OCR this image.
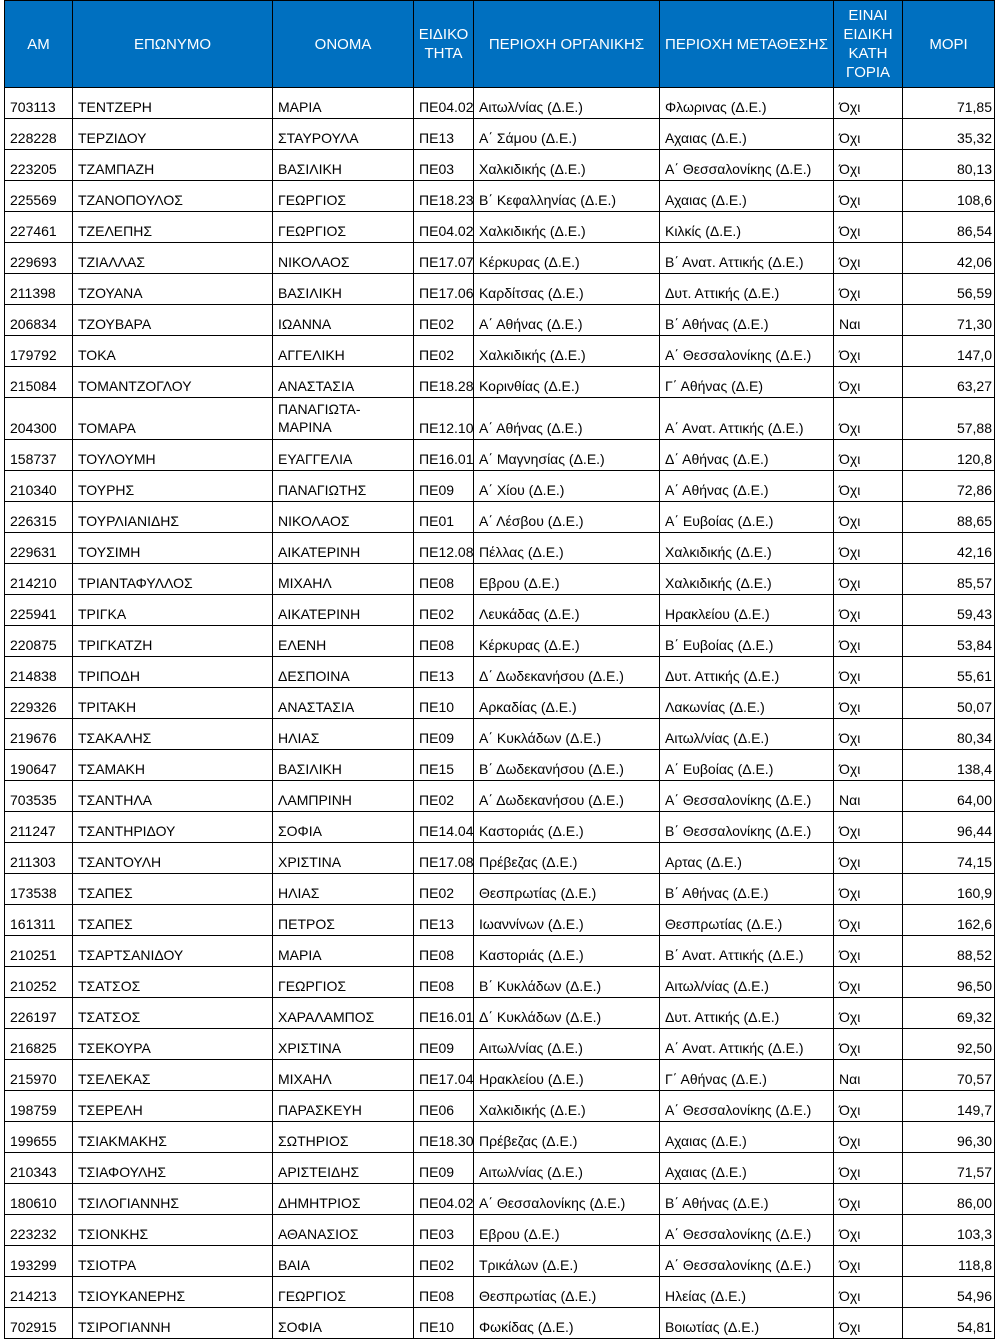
ΑΜ	ΕΠΩΝΥΜΟ	ΟΝΟΜΑ	ΕΙΔΙΚΟ ΤΗΤΑ	ΠΕΡΙΟΧΗ ΟΡΓΑΝΙΚΗΣ	ΠΕΡΙΟΧΗ ΜΕΤΑΘΕΣΗΣ	ΕΙΝΑΙ ΕΙΔΙΚΗ ΚΑΤΗ ΓΟΡΙΑ	ΜΟΡΙ
703113	ΤΕΝΤΖΕΡΗ	ΜΑΡΙΑ	ΠΕ04.02	Αιτωλ/νίας (Δ.Ε.)	Φλωρινας (Δ.Ε.)	Όχι	71,85
228228	ΤΕΡΖΙΔΟΥ	ΣΤΑΥΡΟΥΛΑ	ΠΕ13	Α΄ Σάμου (Δ.Ε.)	Αχαιας (Δ.Ε.)	Όχι	35,32
223205	ΤΖΑΜΠΑΖΗ	ΒΑΣΙΛΙΚΗ	ΠΕ03	Χαλκιδικής (Δ.Ε.)	Α΄ Θεσσαλονίκης (Δ.Ε.)	Όχι	80,13
225569	ΤΖΑΝΟΠΟΥΛΟΣ	ΓΕΩΡΓΙΟΣ	ΠΕ18.23	Β΄ Κεφαλληνίας (Δ.Ε.)	Αχαιας (Δ.Ε.)	Όχι	108,6
227461	ΤΖΕΛΕΠΗΣ	ΓΕΩΡΓΙΟΣ	ΠΕ04.02	Χαλκιδικής (Δ.Ε.)	Κιλκίς (Δ.Ε.)	Όχι	86,54
229693	ΤΖΙΑΛΛΑΣ	ΝΙΚΟΛΑΟΣ	ΠΕ17.07	Κέρκυρας (Δ.Ε.)	Β΄ Ανατ. Αττικής (Δ.Ε.)	Όχι	42,06
211398	ΤΖΟΥΑΝΑ	ΒΑΣΙΛΙΚΗ	ΠΕ17.06	Καρδίτσας (Δ.Ε.)	Δυτ. Αττικής (Δ.Ε.)	Όχι	56,59
206834	ΤΖΟΥΒΑΡΑ	ΙΩΑΝΝΑ	ΠΕ02	Α΄ Αθήνας (Δ.Ε.)	Β΄ Αθήνας (Δ.Ε.)	Ναι	71,30
179792	ΤΟΚΑ	ΑΓΓΕΛΙΚΗ	ΠΕ02	Χαλκιδικής (Δ.Ε.)	Α΄ Θεσσαλονίκης (Δ.Ε.)	Όχι	147,0
215084	ΤΟΜΑΝΤΖΟΓΛΟΥ	ΑΝΑΣΤΑΣΙΑ	ΠΕ18.28	Κορινθίας (Δ.Ε.)	Γ΄ Αθήνας (Δ.Ε)	Όχι	63,27
204300	ΤΟΜΑΡΑ	ΠΑΝΑΓΙΩΤΑ-ΜΑΡΙΝΑ	ΠΕ12.10	Α΄ Αθήνας (Δ.Ε.)	Α΄ Ανατ. Αττικής (Δ.Ε.)	Όχι	57,88
158737	ΤΟΥΛΟΥΜΗ	ΕΥΑΓΓΕΛΙΑ	ΠΕ16.01	Α΄ Μαγνησίας (Δ.Ε.)	Δ΄ Αθήνας (Δ.Ε.)	Όχι	120,8
210340	ΤΟΥΡΗΣ	ΠΑΝΑΓΙΩΤΗΣ	ΠΕ09	Α΄ Χίου (Δ.Ε.)	Α΄ Αθήνας (Δ.Ε.)	Όχι	72,86
226315	ΤΟΥΡΛΙΑΝΙΔΗΣ	ΝΙΚΟΛΑΟΣ	ΠΕ01	Α΄ Λέσβου (Δ.Ε.)	Α΄ Ευβοίας (Δ.Ε.)	Όχι	88,65
229631	ΤΟΥΣΙΜΗ	ΑΙΚΑΤΕΡΙΝΗ	ΠΕ12.08	Πέλλας (Δ.Ε.)	Χαλκιδικής (Δ.Ε.)	Όχι	42,16
214210	ΤΡΙΑΝΤΑΦΥΛΛΟΣ	ΜΙΧΑΗΛ	ΠΕ08	Εβρου (Δ.Ε.)	Χαλκιδικής (Δ.Ε.)	Όχι	85,57
225941	ΤΡΙΓΚΑ	ΑΙΚΑΤΕΡΙΝΗ	ΠΕ02	Λευκάδας (Δ.Ε.)	Ηρακλείου (Δ.Ε.)	Όχι	59,43
220875	ΤΡΙΓΚΑΤΖΗ	ΕΛΕΝΗ	ΠΕ08	Κέρκυρας (Δ.Ε.)	Β΄ Ευβοίας (Δ.Ε.)	Όχι	53,84
214838	ΤΡΙΠΟΔΗ	ΔΕΣΠΟΙΝΑ	ΠΕ13	Δ΄ Δωδεκανήσου (Δ.Ε.)	Δυτ. Αττικής (Δ.Ε.)	Όχι	55,61
229326	ΤΡΙΤΑΚΗ	ΑΝΑΣΤΑΣΙΑ	ΠΕ10	Αρκαδίας (Δ.Ε.)	Λακωνίας (Δ.Ε.)	Όχι	50,07
219676	ΤΣΑΚΑΛΗΣ	ΗΛΙΑΣ	ΠΕ09	Α΄ Κυκλάδων (Δ.Ε.)	Αιτωλ/νίας (Δ.Ε.)	Όχι	80,34
190647	ΤΣΑΜΑΚΗ	ΒΑΣΙΛΙΚΗ	ΠΕ15	Β΄ Δωδεκανήσου (Δ.Ε.)	Α΄ Ευβοίας (Δ.Ε.)	Όχι	138,4
703535	ΤΣΑΝΤΗΛΑ	ΛΑΜΠΡΙΝΗ	ΠΕ02	Α΄ Δωδεκανήσου (Δ.Ε.)	Α΄ Θεσσαλονίκης (Δ.Ε.)	Ναι	64,00
211247	ΤΣΑΝΤΗΡΙΔΟΥ	ΣΟΦΙΑ	ΠΕ14.04	Καστοριάς (Δ.Ε.)	Β΄ Θεσσαλονίκης (Δ.Ε.)	Όχι	96,44
211303	ΤΣΑΝΤΟΥΛΗ	ΧΡΙΣΤΙΝΑ	ΠΕ17.08	Πρέβεζας (Δ.Ε.)	Αρτας (Δ.Ε.)	Όχι	74,15
173538	ΤΣΑΠΕΣ	ΗΛΙΑΣ	ΠΕ02	Θεσπρωτίας (Δ.Ε.)	Β΄ Αθήνας (Δ.Ε.)	Όχι	160,9
161311	ΤΣΑΠΕΣ	ΠΕΤΡΟΣ	ΠΕ13	Ιωαννίνων (Δ.Ε.)	Θεσπρωτίας (Δ.Ε.)	Όχι	162,6
210251	ΤΣΑΡΤΣΑΝΙΔΟΥ	ΜΑΡΙΑ	ΠΕ08	Καστοριάς (Δ.Ε.)	Β΄ Ανατ. Αττικής (Δ.Ε.)	Όχι	88,52
210252	ΤΣΑΤΣΟΣ	ΓΕΩΡΓΙΟΣ	ΠΕ08	Β΄ Κυκλάδων (Δ.Ε.)	Αιτωλ/νίας (Δ.Ε.)	Όχι	96,50
226197	ΤΣΑΤΣΟΣ	ΧΑΡΑΛΑΜΠΟΣ	ΠΕ16.01	Δ΄ Κυκλάδων (Δ.Ε.)	Δυτ. Αττικής (Δ.Ε.)	Όχι	69,32
216825	ΤΣΕΚΟΥΡΑ	ΧΡΙΣΤΙΝΑ	ΠΕ09	Αιτωλ/νίας (Δ.Ε.)	Α΄ Ανατ. Αττικής (Δ.Ε.)	Όχι	92,50
215970	ΤΣΕΛΕΚΑΣ	ΜΙΧΑΗΛ	ΠΕ17.04	Ηρακλείου (Δ.Ε.)	Γ΄ Αθήνας (Δ.Ε.)	Ναι	70,57
198759	ΤΣΕΡΕΛΗ	ΠΑΡΑΣΚΕΥΗ	ΠΕ06	Χαλκιδικής (Δ.Ε.)	Α΄ Θεσσαλονίκης (Δ.Ε.)	Όχι	149,7
199655	ΤΣΙΑΚΜΑΚΗΣ	ΣΩΤΗΡΙΟΣ	ΠΕ18.30	Πρέβεζας (Δ.Ε.)	Αχαιας (Δ.Ε.)	Όχι	96,30
210343	ΤΣΙΑΦΟΥΛΗΣ	ΑΡΙΣΤΕΙΔΗΣ	ΠΕ09	Αιτωλ/νίας (Δ.Ε.)	Αχαιας (Δ.Ε.)	Όχι	71,57
180610	ΤΣΙΛΟΓΙΑΝΝΗΣ	ΔΗΜΗΤΡΙΟΣ	ΠΕ04.02	Α΄ Θεσσαλονίκης (Δ.Ε.)	Β΄ Αθήνας (Δ.Ε.)	Όχι	86,00
223232	ΤΣΙΟΝΚΗΣ	ΑΘΑΝΑΣΙΟΣ	ΠΕ03	Εβρου (Δ.Ε.)	Α΄ Θεσσαλονίκης (Δ.Ε.)	Όχι	103,3
193299	ΤΣΙΟΤΡΑ	ΒΑΙΑ	ΠΕ02	Τρικάλων (Δ.Ε.)	Α΄ Θεσσαλονίκης (Δ.Ε.)	Όχι	118,8
214213	ΤΣΙΟΥΚΑΝΕΡΗΣ	ΓΕΩΡΓΙΟΣ	ΠΕ08	Θεσπρωτίας (Δ.Ε.)	Ηλείας (Δ.Ε.)	Όχι	54,96
702915	ΤΣΙΡΟΓΙΑΝΝΗ	ΣΟΦΙΑ	ΠΕ10	Φωκίδας (Δ.Ε.)	Βοιωτίας (Δ.Ε.)	Όχι	54,81
